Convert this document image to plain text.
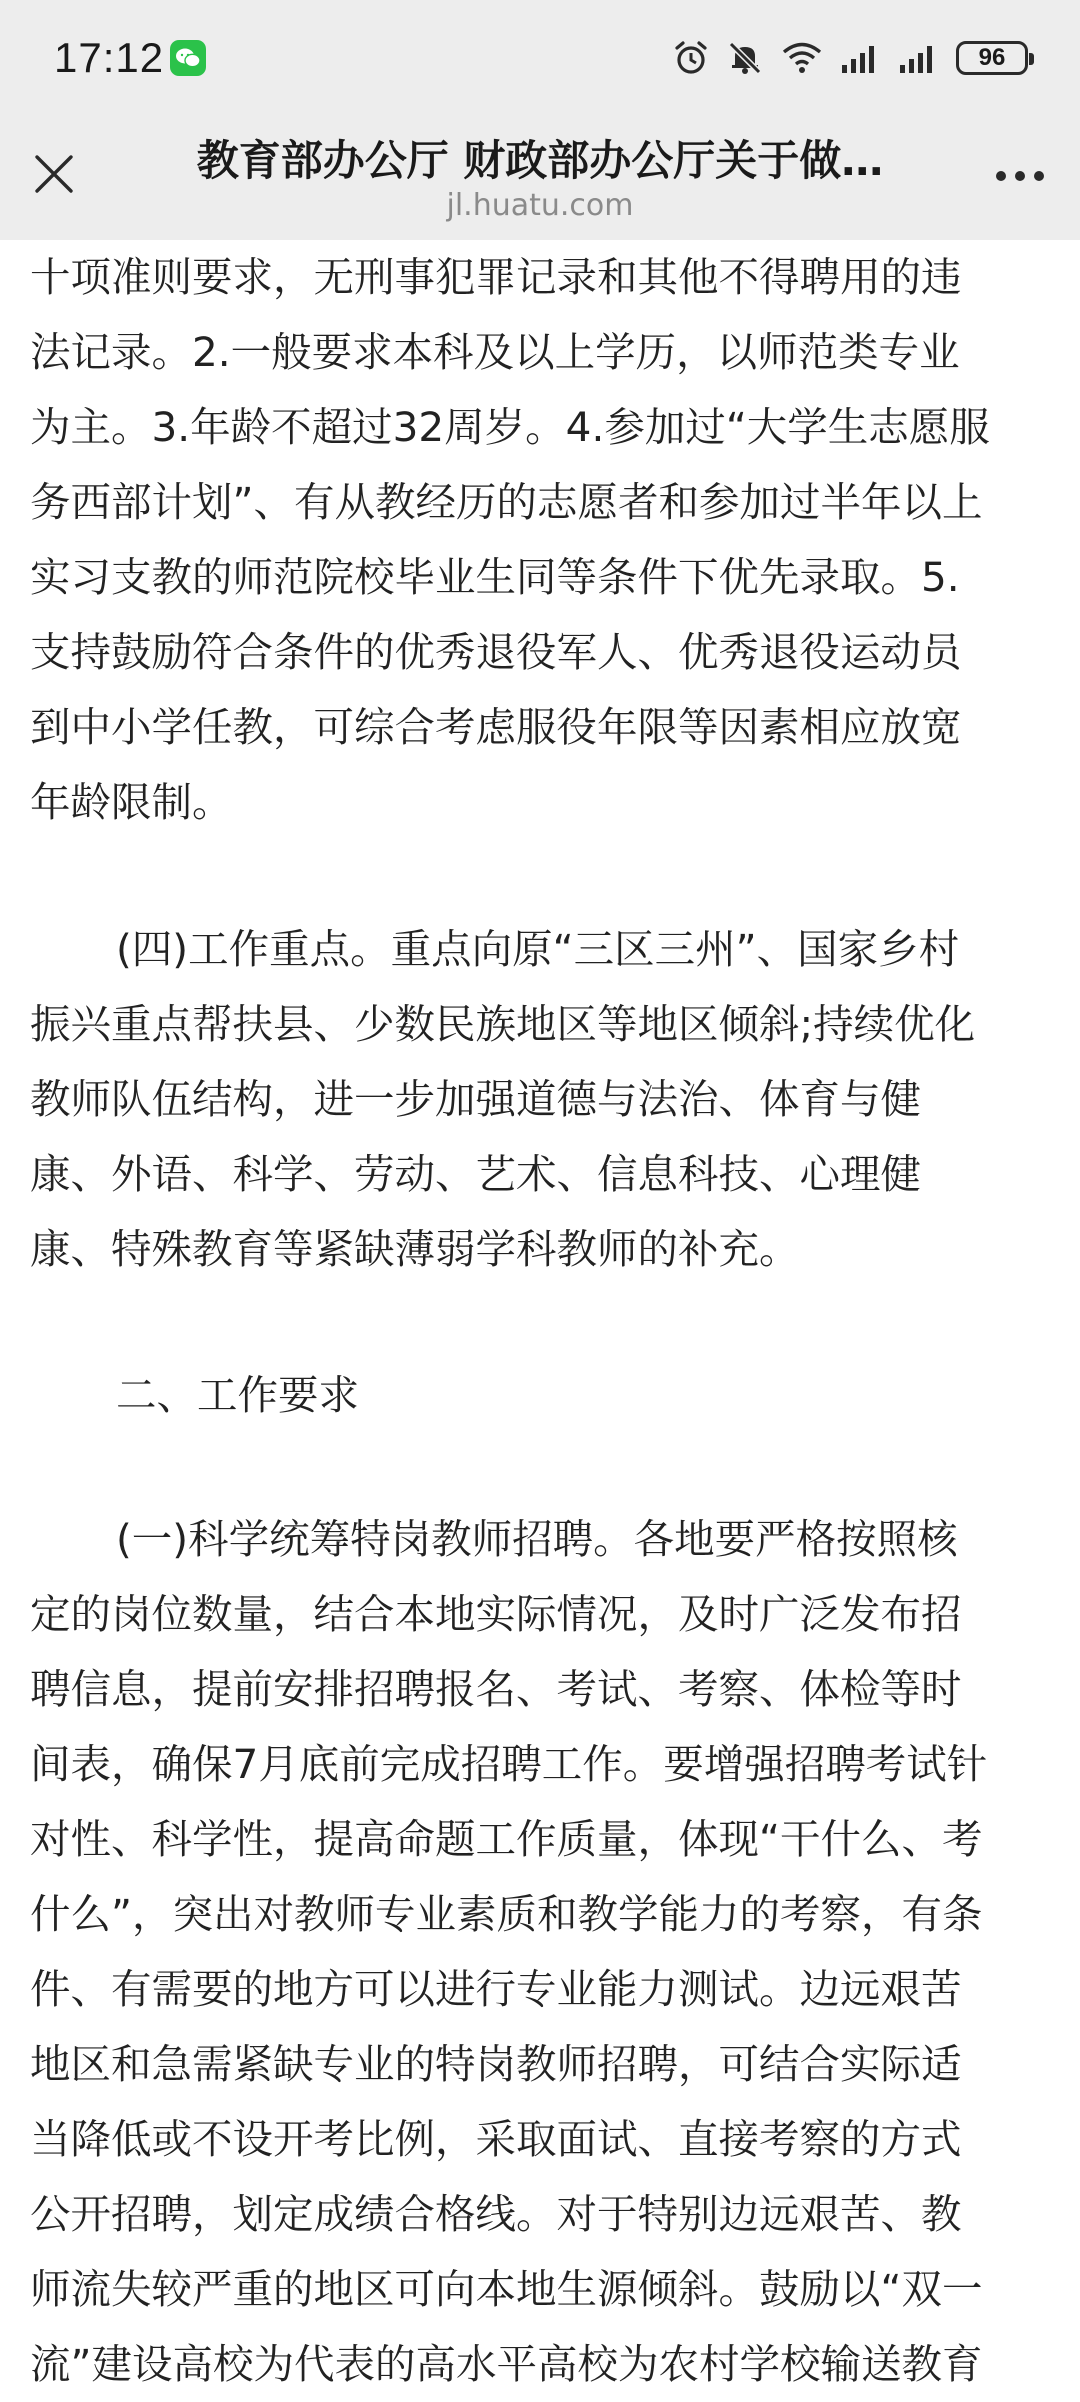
17:12	96
教育部办公厅 财政部办公厅关于做…
jl.huatu.com

十项准则要求，无刑事犯罪记录和其他不得聘用的违
法记录。2.一般要求本科及以上学历，以师范类专业
为主。3.年龄不超过32周岁。4.参加过“大学生志愿服
务西部计划”、有从教经历的志愿者和参加过半年以上
实习支教的师范院校毕业生同等条件下优先录取。5.
支持鼓励符合条件的优秀退役军人、优秀退役运动员
到中小学任教，可综合考虑服役年限等因素相应放宽
年龄限制。

(四)工作重点。重点向原“三区三州”、国家乡村
振兴重点帮扶县、少数民族地区等地区倾斜;持续优化
教师队伍结构，进一步加强道德与法治、体育与健
康、外语、科学、劳动、艺术、信息科技、心理健
康、特殊教育等紧缺薄弱学科教师的补充。

二、工作要求

(一)科学统筹特岗教师招聘。各地要严格按照核
定的岗位数量，结合本地实际情况，及时广泛发布招
聘信息，提前安排招聘报名、考试、考察、体检等时
间表，确保7月底前完成招聘工作。要增强招聘考试针
对性、科学性，提高命题工作质量，体现“干什么、考
什么”，突出对教师专业素质和教学能力的考察，有条
件、有需要的地方可以进行专业能力测试。边远艰苦
地区和急需紧缺专业的特岗教师招聘，可结合实际适
当降低或不设开考比例，采取面试、直接考察的方式
公开招聘，划定成绩合格线。对于特别边远艰苦、教
师流失较严重的地区可向本地生源倾斜。鼓励以“双一
流”建设高校为代表的高水平高校为农村学校输送教育
